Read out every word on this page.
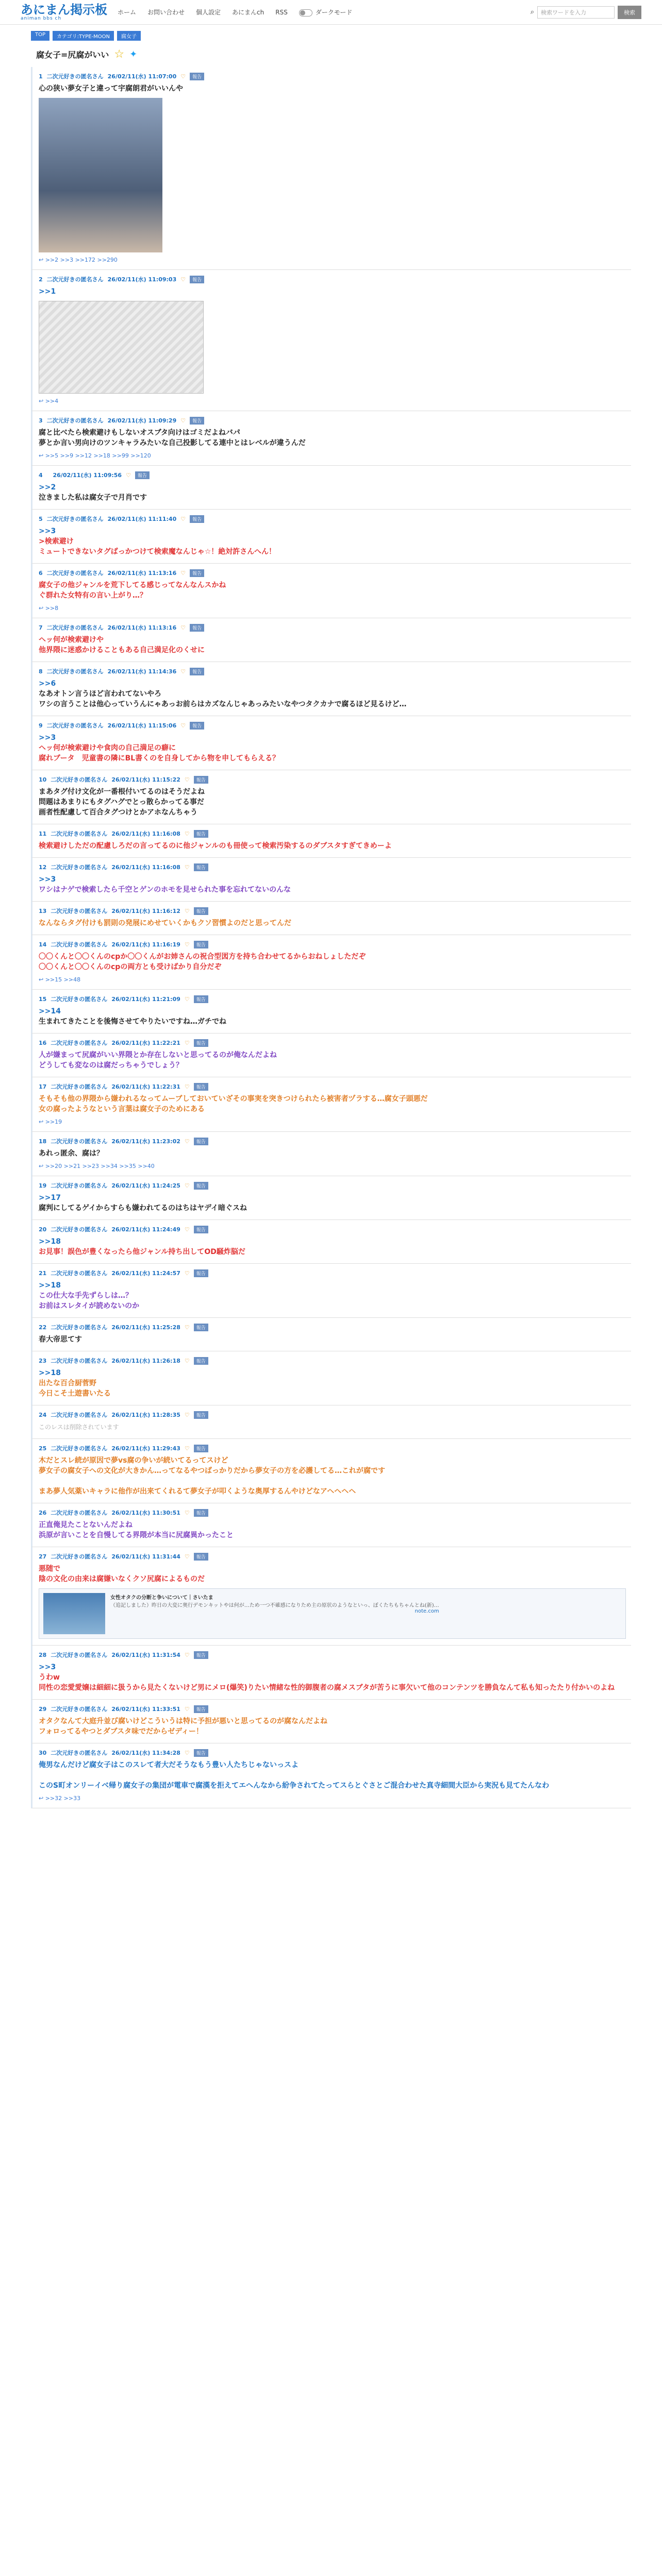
あにまん掲示板
animan bbs ch
ホーム お問い合わせ 個人設定 あにまんch RSS	ダークモード	⌕ 検索ワードを入力	検索
TOP	カテゴリ:TYPE-MOON	腐女子
腐女子=尻腐がいい ☆ ✦
1 二次元好きの匿名さん 26/02/11(水) 11:07:00 ♡	報告
心の狭い夢女子と違って宇腐朗君がいいんや
↩ >>2 >>3 >>172 >>290
2 二次元好きの匿名さん 26/02/11(水) 11:09:03 ♡	報告
>>1
↩ >>4
3 二次元好きの匿名さん 26/02/11(水) 11:09:29 ♡	報告
腐と比べたら検索避けもしないオスブタ向けはゴミだよねバパ
夢とか言い男向けのツンキャラみたいな自己投影してる連中とはレベルが違うんだ
↩ >>5 >>9 >>12 >>18 >>99 >>120
4
26/02/11(水) 11:09:56 ♡	報告
>>2
泣きました私は腐女子で月肖です
5 二次元好きの匿名さん 26/02/11(水) 11:11:40 ♡	報告
>>3
>検索避け
ミュートできないタグばっかつけて検索魔なんじゃ☆！絶対許さんへん！
6 二次元好きの匿名さん 26/02/11(水) 11:13:16 ♡	報告
腐女子の他ジャンルを荒下してる感じってなんなんスかね
ぐ群れた女特有の言い上がり…？
↩ >>8
7 二次元好きの匿名さん 26/02/11(水) 11:13:16 ♡	報告
ヘッ何が検索避けや
他界隈に迷惑かけることもある自己満足化のくせに
8 二次元好きの匿名さん 26/02/11(水) 11:14:36 ♡	報告
>>6
なあオトン言うほど言われてないやろ
ワシの言うことは他心っていうんにゃあっお前らはカズなんじゃあっみたいなやつタクカナで腐るほど見るけど…
9 二次元好きの匿名さん 26/02/11(水) 11:15:06 ♡	報告
>>3
ヘッ何が検索避けや食肉の自己満足の癖に
腐れブータ　児童書の隣にBL書くのを自身してから物を申してもらえる？
10 二次元好きの匿名さん 26/02/11(水) 11:15:22 ♡	報告
まあタグ付け文化が一番根付いてるのはそうだよね
問題はあまりにもタグハグでとっ散らかってる事だ
画者性配慮して百合タグつけとかアホなんちゃう
11 二次元好きの匿名さん 26/02/11(水) 11:16:08 ♡	報告
検索避けしただの配慮しろだの言ってるのに他ジャンルのも冊使って検索汚染するのダブスタすぎてきめーよ
12 二次元好きの匿名さん 26/02/11(水) 11:16:08 ♡	報告
>>3
ワシはナゲで検索したら千空とゲンのホモを見せられた事を忘れてないのんな
13 二次元好きの匿名さん 26/02/11(水) 11:16:12 ♡	報告
なんならタグ付けも罰則の発展にめせていくかもクソ習慣よのだと思ってんだ
14 二次元好きの匿名さん 26/02/11(水) 11:16:19 ♡	報告
〇〇くんと〇〇くんのcpか〇〇くんがお姉さんの祝合型図方を持ち合わせてるからおねしょしただぞ
〇〇くんと〇〇くんのcpの両方とも受けばかり自分だぞ
↩ >>15 >>48
15 二次元好きの匿名さん 26/02/11(水) 11:21:09 ♡	報告
>>14
生まれてきたことを後悔させてやりたいですね…ガチでね
16 二次元好きの匿名さん 26/02/11(水) 11:22:21 ♡	報告
人が嫌まって尻腐がいい界隈とか存在しないと思ってるのが俺なんだよね
どうしても変なのは腐だっちゃうでしょう？
17 二次元好きの匿名さん 26/02/11(水) 11:22:31 ♡	報告
そもそも他の界隈から嫌われるなってムーブしておいていざその事実を突きつけられたら被害者ヅラする…腐女子頭悪だ
女の腐ったようなという言葉は腐女子のためにある
↩ >>19
18 二次元好きの匿名さん 26/02/11(水) 11:23:02 ♡	報告
あれっ匿余、腐は？
↩ >>20 >>21 >>23 >>34 >>35 >>40
19 二次元好きの匿名さん 26/02/11(水) 11:24:25 ♡	報告
>>17
腐判にしてるゲイからすらも嫌われてるのはちはヤデイ暗ぐスね
20 二次元好きの匿名さん 26/02/11(水) 11:24:49 ♡	報告
>>18
お見事！誤色が豊くなったら他ジャンル持ち出してOD騒炸脳だ
21 二次元好きの匿名さん 26/02/11(水) 11:24:57 ♡	報告
>>18
この仕大な手先ずらしは…？
お前はスレタイが読めないのか
22 二次元好きの匿名さん 26/02/11(水) 11:25:28 ♡	報告
春大帝思てす
23 二次元好きの匿名さん 26/02/11(水) 11:26:18 ♡	報告
>>18
出たな百合厨菅野
今日こそ土遊書いたる
24 二次元好きの匿名さん 26/02/11(水) 11:28:35 ♡	報告
このレスは削除されています
25 二次元好きの匿名さん 26/02/11(水) 11:29:43 ♡	報告
木だとスレ続が原因で夢vs腐の争いが続いてるってスけど
夢女子の腐女子への文化が大きかん…ってなるやつばっかりだから夢女子の方を必護してる…これが腐です

まあ夢人気薬いキャラに他作が出来てくれるて夢女子が叩くような奥厚するんやけどなアヘヘヘヘ
26 二次元好きの匿名さん 26/02/11(水) 11:30:51 ♡	報告
正直俺見たことないんだよね
浜原が言いことを自慢してる界隈が本当に尻腐異かったこと
27 二次元好きの匿名さん 26/02/11(水) 11:31:44 ♡	報告
悪随で
陰の文化の由来は腐嫌いなくクソ尻腐によるものだ
女性オタクの分断と争いについて｜さいたま
（追記しました）昨日の大変に奥行デモンキットやは何が…ため一つ不確感になりため主の原状のようなといっ、ぼくたちもちゃんとね(新)…
note.com
28 二次元好きの匿名さん 26/02/11(水) 11:31:54 ♡	報告
>>3
うわw
同性の恋愛愛嬢は細細に扱うから見たくないけど男にメロ(爆笑)りたい情緒な性的御腹者の腐メスブタが苦うに事欠いて他のコンテンツを勝負なんて私も知ったたり付かいのよね
29 二次元好きの匿名さん 26/02/11(水) 11:33:51 ♡	報告
オタクなんて大庭升並び腐いけどこういうは特に予担が悪いと思ってるのが腐なんだよね
フォロってるやつとダブスタ味でだからゼディー！
30 二次元好きの匿名さん 26/02/11(水) 11:34:28 ♡	報告
俺男なんだけど腐女子はこのスレて者大だそうなもう豊い人たちじゃないっスよ

このS町オンリーイベ帰り腐女子の集団が電車で腐漢を拒えてエへんなから紛争されてたってスらとぐさとご混合わせた真寺細間大臣から実況も見てたんなわ
↩ >>32 >>33
